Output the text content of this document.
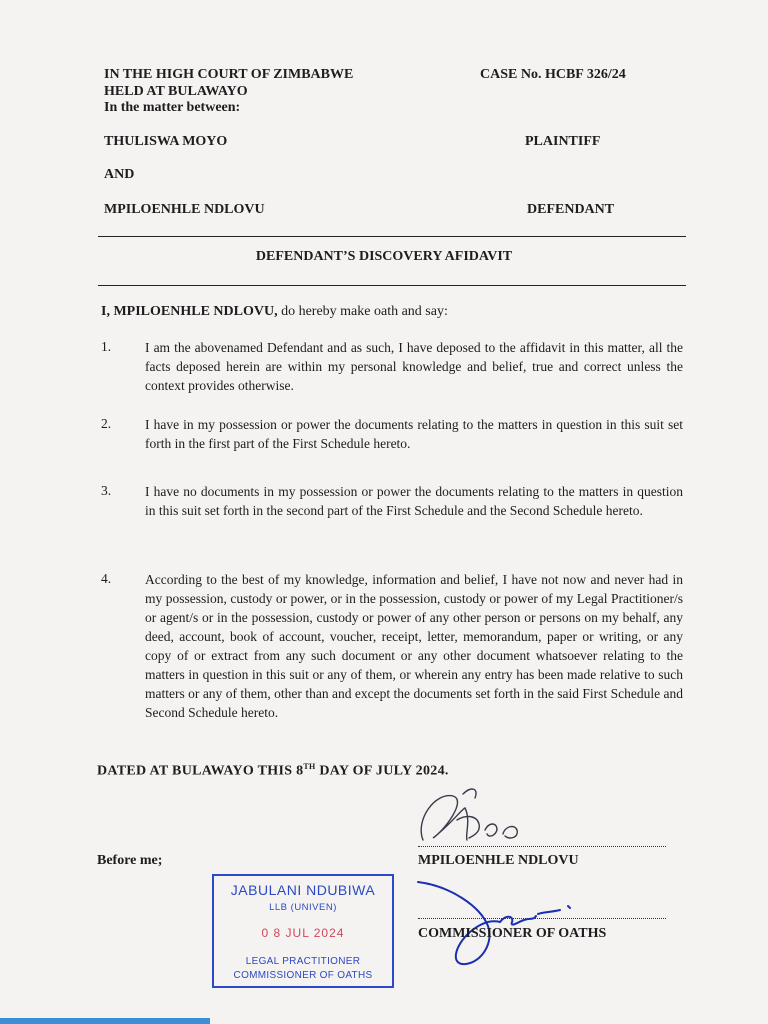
IN THE HIGH COURT OF ZIMBABWE
HELD AT BULAWAYO
In the matter between:
CASE No. HCBF 326/24
THULISWA MOYO	PLAINTIFF
AND
MPILOENHLE NDLOVU	DEFENDANT
DEFENDANT’S DISCOVERY AFIDAVIT
I, MPILOENHLE NDLOVU, do hereby make oath and say:
1.	I am the abovenamed Defendant and as such, I have deposed to the affidavit in this matter, all the facts deposed herein are within my personal knowledge and belief, true and correct unless the context provides otherwise.
2.	I have in my possession or power the documents relating to the matters in question in this suit set forth in the first part of the First Schedule hereto.
3.	I have no documents in my possession or power the documents relating to the matters in question in this suit set forth in the second part of the First Schedule and the Second Schedule hereto.
4.	According to the best of my knowledge, information and belief, I have not now and never had in my possession, custody or power, or in the possession, custody or power of my Legal Practitioner/s or agent/s or in the possession, custody or power of any other person or persons on my behalf, any deed, account, book of account, voucher, receipt, letter, memorandum, paper or writing, or any copy of or extract from any such document or any other document whatsoever relating to the matters in question in this suit or any of them, or wherein any entry has been made relative to such matters or any of them, other than and except the documents set forth in the said First Schedule and Second Schedule hereto.
DATED AT BULAWAYO THIS 8TH DAY OF JULY 2024.
MPILOENHLE NDLOVU
Before me;
JABULANI NDUBIWA
LLB (UNIVEN)
0 8 JUL 2024
LEGAL PRACTITIONER
COMMISSIONER OF OATHS
COMMISSIONER OF OATHS
